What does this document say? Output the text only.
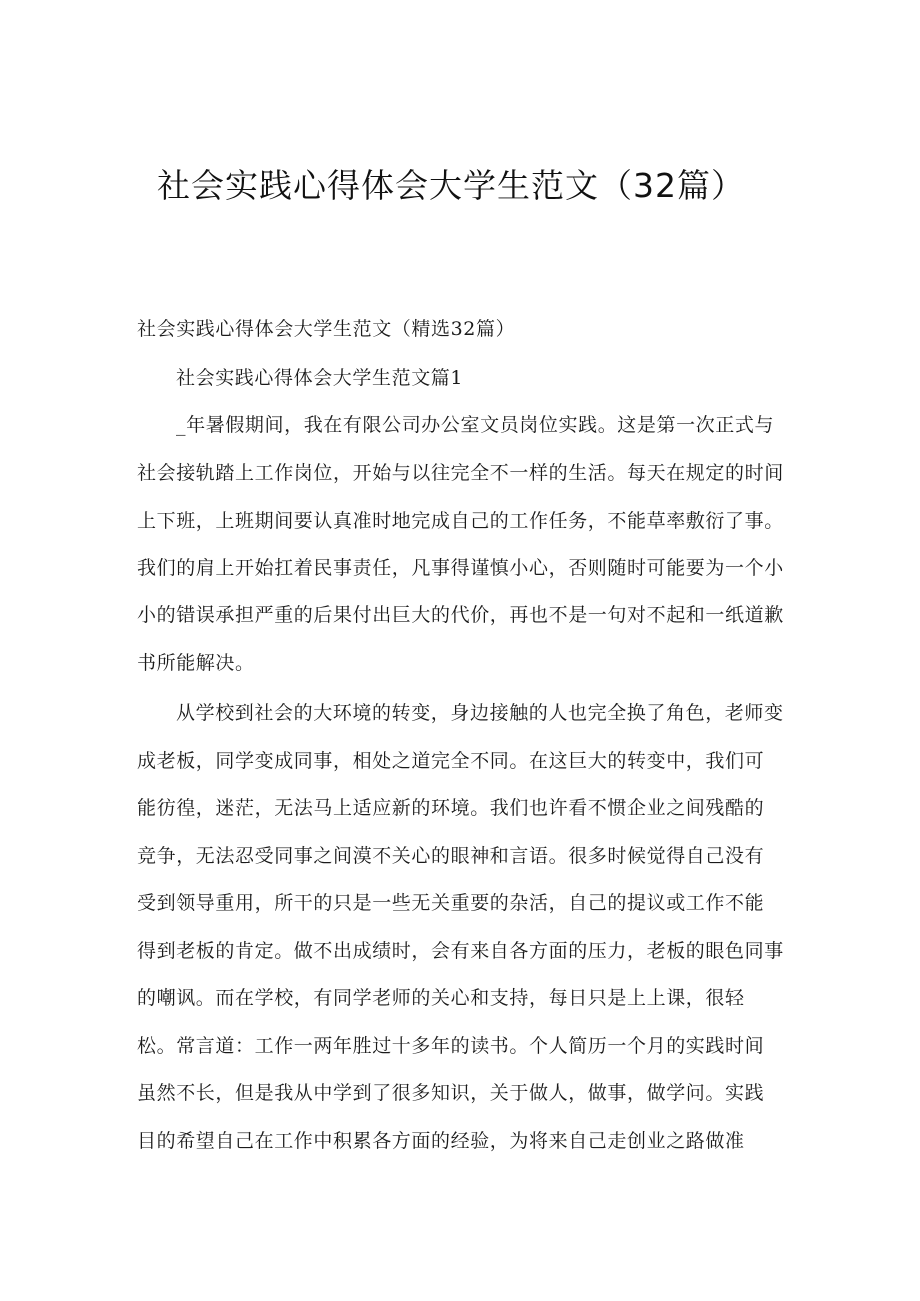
社会实践心得体会大学生范文（32篇）

社会实践心得体会大学生范文（精选32篇）

社会实践心得体会大学生范文篇1

_年暑假期间，我在有限公司办公室文员岗位实践。这是第一次正式与

社会接轨踏上工作岗位，开始与以往完全不一样的生活。每天在规定的时间

上下班，上班期间要认真准时地完成自己的工作任务，不能草率敷衍了事。

我们的肩上开始扛着民事责任，凡事得谨慎小心，否则随时可能要为一个小

小的错误承担严重的后果付出巨大的代价，再也不是一句对不起和一纸道歉

书所能解决。

从学校到社会的大环境的转变，身边接触的人也完全换了角色，老师变

成老板，同学变成同事，相处之道完全不同。在这巨大的转变中，我们可

能彷徨，迷茫，无法马上适应新的环境。我们也许看不惯企业之间残酷的

竞争，无法忍受同事之间漠不关心的眼神和言语。很多时候觉得自己没有

受到领导重用，所干的只是一些无关重要的杂活，自己的提议或工作不能

得到老板的肯定。做不出成绩时，会有来自各方面的压力，老板的眼色同事

的嘲讽。而在学校，有同学老师的关心和支持，每日只是上上课，很轻

松。常言道：工作一两年胜过十多年的读书。个人简历一个月的实践时间

虽然不长，但是我从中学到了很多知识，关于做人，做事，做学问。实践

目的希望自己在工作中积累各方面的经验，为将来自己走创业之路做准
